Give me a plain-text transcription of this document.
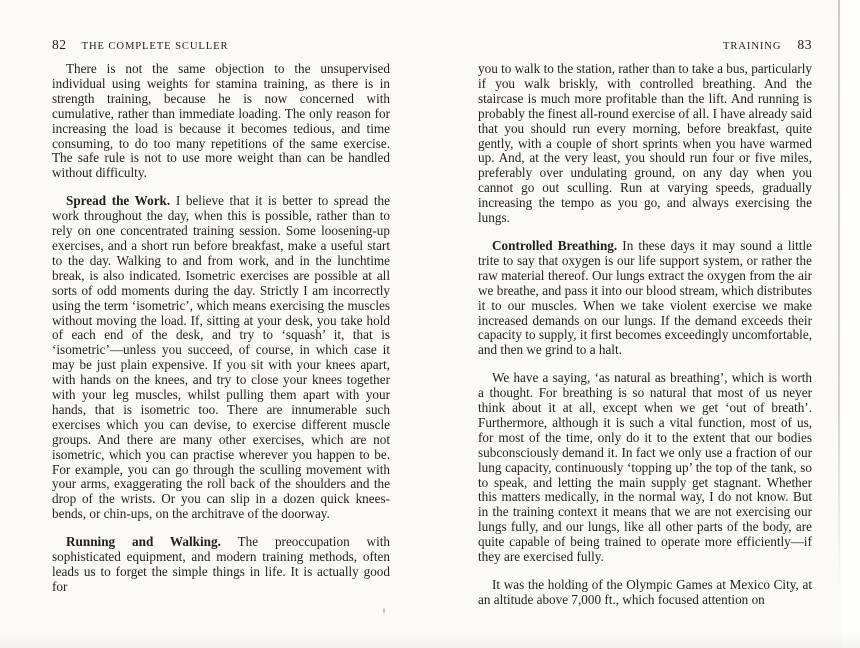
82 THE COMPLETE SCULLER

There is not the same objection to the unsupervised individual using weights for stamina training, as there is in strength training, because he is now concerned with cumulative, rather than immediate loading. The only reason for increasing the load is because it becomes tedious, and time consuming, to do too many repetitions of the same exercise. The safe rule is not to use more weight than can be handled without difficulty.

Spread the Work. I believe that it is better to spread the work throughout the day, when this is possible, rather than to rely on one concentrated training session. Some loosening-up exercises, and a short run before breakfast, make a useful start to the day. Walking to and from work, and in the lunchtime break, is also indicated. Isometric exercises are possible at all sorts of odd moments during the day. Strictly I am incorrectly using the term ‘isometric’, which means exercising the muscles without moving the load. If, sitting at your desk, you take hold of each end of the desk, and try to ‘squash’ it, that is ‘isometric’—unless you succeed, of course, in which case it may be just plain expensive. If you sit with your knees apart, with hands on the knees, and try to close your knees together with your leg muscles, whilst pulling them apart with your hands, that is isometric too. There are innumerable such exercises which you can devise, to exercise different muscle groups. And there are many other exercises, which are not isometric, which you can practise wherever you happen to be. For example, you can go through the sculling movement with your arms, exaggerating the roll back of the shoulders and the drop of the wrists. Or you can slip in a dozen quick knees-bends, or chin-ups, on the architrave of the doorway.

Running and Walking. The preoccupation with sophisticated equipment, and modern training methods, often leads us to forget the simple things in life. It is actually good for

TRAINING 83

you to walk to the station, rather than to take a bus, particularly if you walk briskly, with controlled breathing. And the staircase is much more profitable than the lift. And running is probably the finest all-round exercise of all. I have already said that you should run every morning, before breakfast, quite gently, with a couple of short sprints when you have warmed up. And, at the very least, you should run four or five miles, preferably over undulating ground, on any day when you cannot go out sculling. Run at varying speeds, gradually increasing the tempo as you go, and always exercising the lungs.

Controlled Breathing. In these days it may sound a little trite to say that oxygen is our life support system, or rather the raw material thereof. Our lungs extract the oxygen from the air we breathe, and pass it into our blood stream, which distributes it to our muscles. When we take violent exercise we make increased demands on our lungs. If the demand exceeds their capacity to supply, it first becomes exceedingly uncomfortable, and then we grind to a halt.

We have a saying, ‘as natural as breathing’, which is worth a thought. For breathing is so natural that most of us neyer think about it at all, except when we get ‘out of breath’. Furthermore, although it is such a vital function, most of us, for most of the time, only do it to the extent that our bodies subconsciously demand it. In fact we only use a fraction of our lung capacity, continuously ‘topping up’ the top of the tank, so to speak, and letting the main supply get stagnant. Whether this matters medically, in the normal way, I do not know. But in the training context it means that we are not exercising our lungs fully, and our lungs, like all other parts of the body, are quite capable of being trained to operate more efficiently—if they are exercised fully.

It was the holding of the Olympic Games at Mexico City, at an altitude above 7,000 ft., which focused attention on
